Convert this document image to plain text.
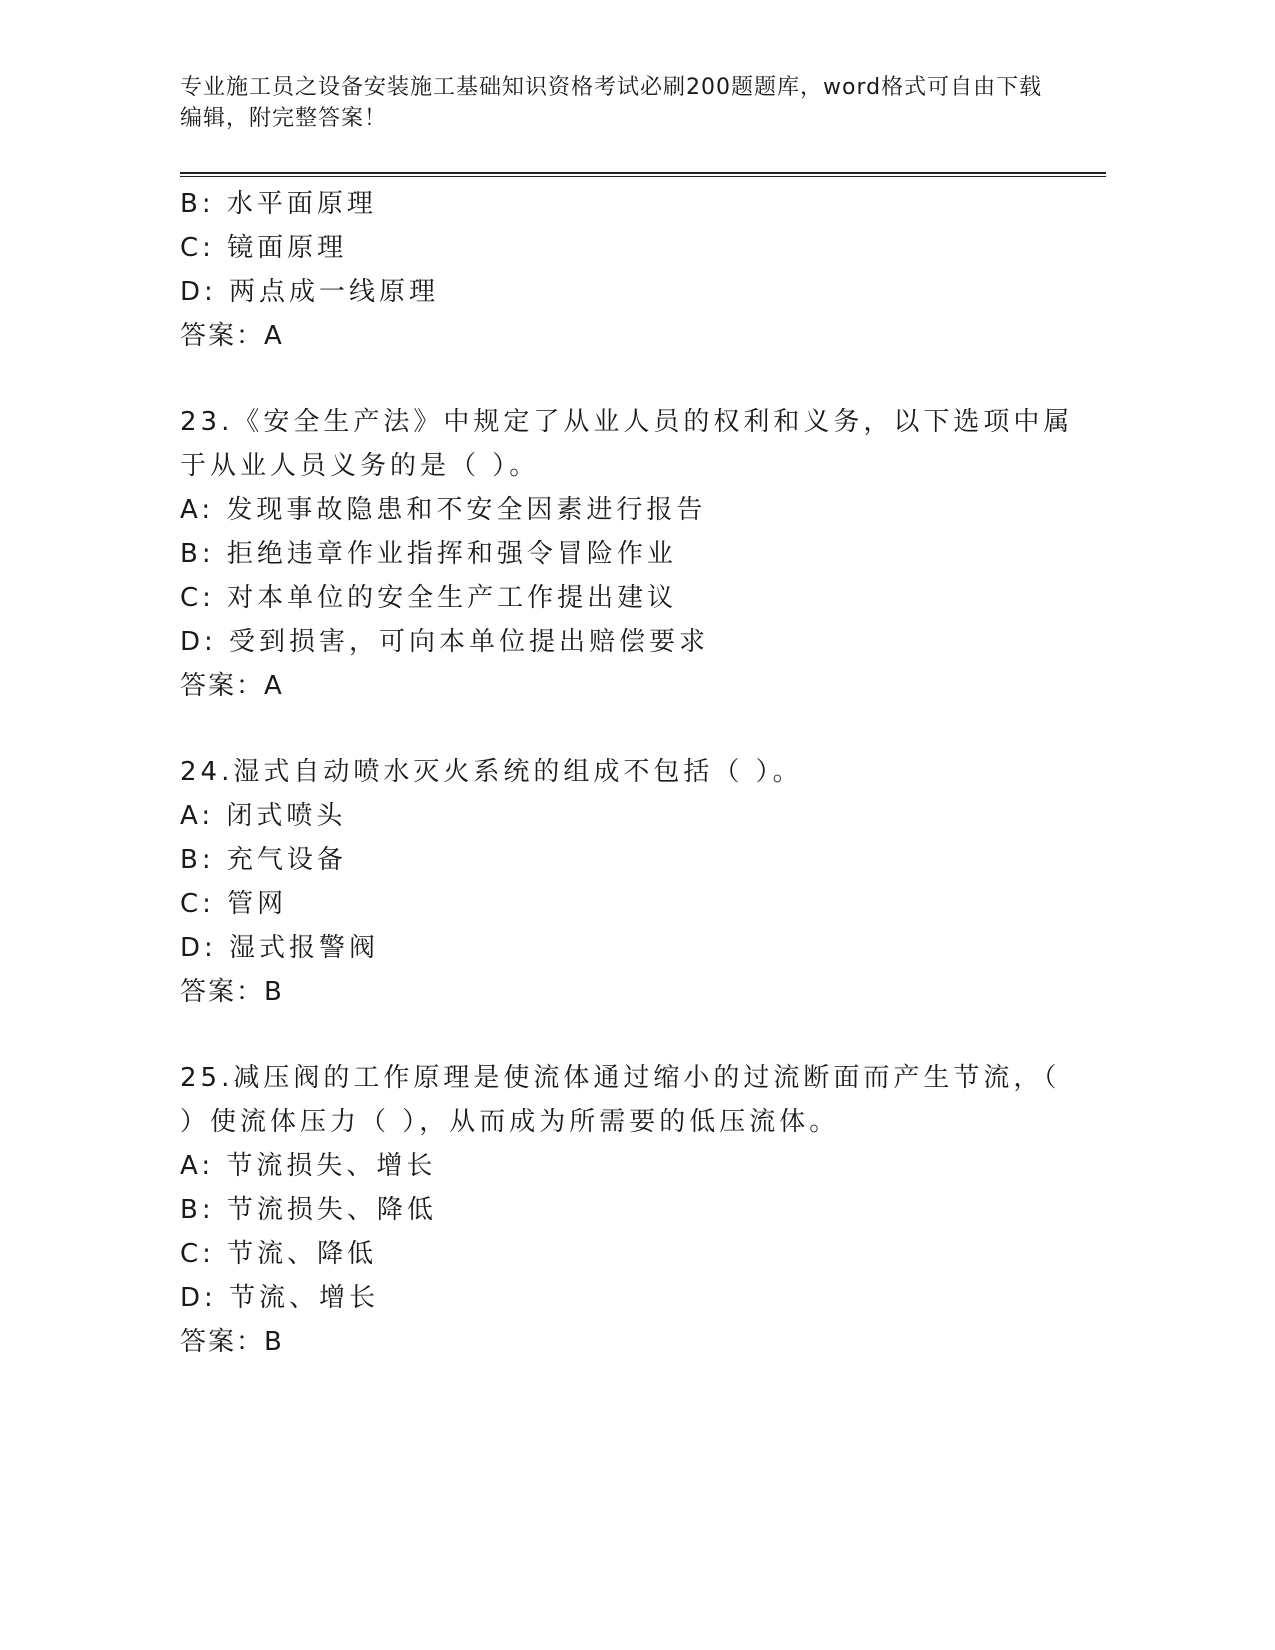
专业施工员之设备安装施工基础知识资格考试必刷200题题库，word格式可自由下载编辑，附完整答案！
B: 水平面原理
C: 镜面原理
D: 两点成一线原理
答案：A
23.《安全生产法》中规定了从业人员的权利和义务，以下选项中属于从业人员义务的是（ ）。
A: 发现事故隐患和不安全因素进行报告
B: 拒绝违章作业指挥和强令冒险作业
C: 对本单位的安全生产工作提出建议
D: 受到损害，可向本单位提出赔偿要求
答案：A
24.湿式自动喷水灭火系统的组成不包括（ ）。
A: 闭式喷头
B: 充气设备
C: 管网
D: 湿式报警阀
答案：B
25.减压阀的工作原理是使流体通过缩小的过流断面而产生节流，（ ）使流体压力（ ），从而成为所需要的低压流体。
A: 节流损失、增长
B: 节流损失、降低
C: 节流、降低
D: 节流、增长
答案：B
